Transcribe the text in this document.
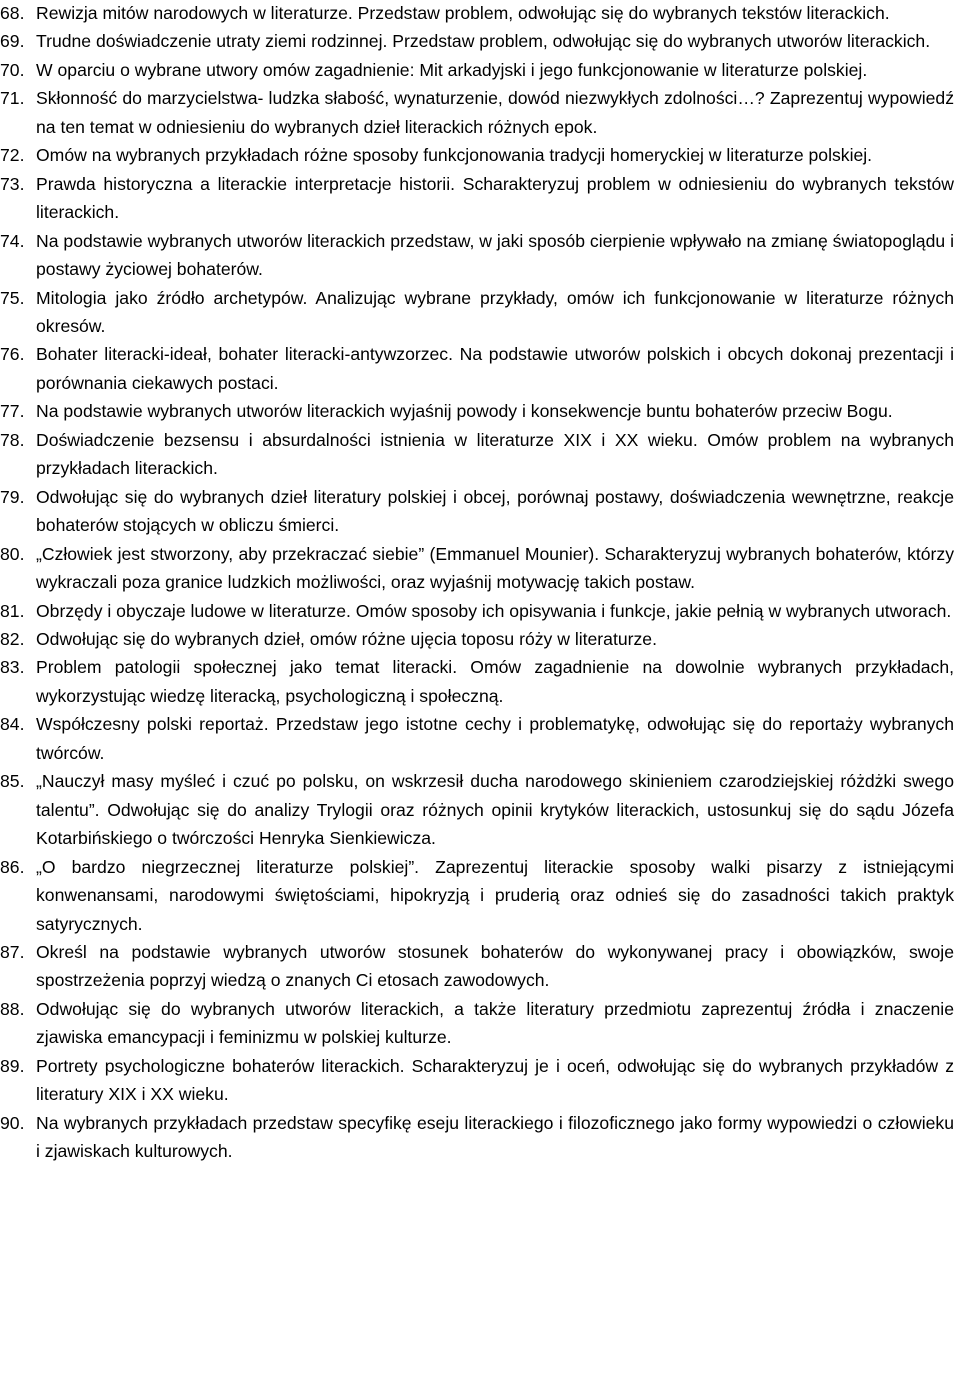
68. Rewizja mitów narodowych w literaturze. Przedstaw problem, odwołując się do wybranych tekstów literackich.
69. Trudne doświadczenie utraty ziemi rodzinnej. Przedstaw problem, odwołując się do wybranych utworów literackich.
70. W oparciu o wybrane utwory omów zagadnienie: Mit arkadyjski i jego funkcjonowanie w literaturze polskiej.
71. Skłonność do marzycielstwa- ludzka słabość, wynaturzenie, dowód niezwykłych zdolności…? Zaprezentuj wypowiedź na ten temat w odniesieniu do wybranych dzieł literackich różnych epok.
72. Omów na wybranych przykładach różne sposoby funkcjonowania tradycji homeryckiej w literaturze polskiej.
73. Prawda historyczna a literackie interpretacje historii. Scharakteryzuj problem w odniesieniu do wybranych tekstów literackich.
74. Na podstawie wybranych utworów literackich przedstaw, w jaki sposób cierpienie wpływało na zmianę światopoglądu i postawy życiowej bohaterów.
75. Mitologia jako źródło archetypów. Analizując wybrane przykłady, omów ich funkcjonowanie w literaturze różnych okresów.
76. Bohater literacki-ideał, bohater literacki-antywzorzec. Na podstawie utworów polskich i obcych dokonaj prezentacji i porównania ciekawych postaci.
77. Na podstawie wybranych utworów literackich wyjaśnij powody i konsekwencje buntu bohaterów przeciw Bogu.
78. Doświadczenie bezsensu i absurdalności istnienia w literaturze XIX i XX wieku. Omów problem na wybranych przykładach literackich.
79. Odwołując się do wybranych dzieł literatury polskiej i obcej, porównaj postawy, doświadczenia wewnętrzne, reakcje bohaterów stojących w obliczu śmierci.
80. „Człowiek jest stworzony, aby przekraczać siebie” (Emmanuel Mounier). Scharakteryzuj wybranych bohaterów, którzy wykraczali poza granice ludzkich możliwości, oraz wyjaśnij motywację takich postaw.
81. Obrzędy i obyczaje ludowe w literaturze. Omów sposoby ich opisywania i funkcje, jakie pełnią w wybranych utworach.
82. Odwołując się do wybranych dzieł, omów różne ujęcia toposu róży w literaturze.
83. Problem patologii społecznej jako temat literacki. Omów zagadnienie na dowolnie wybranych przykładach, wykorzystując wiedzę literacką, psychologiczną i społeczną.
84. Współczesny polski reportaż. Przedstaw jego istotne cechy i problematykę, odwołując się do reportaży wybranych twórców.
85. „Nauczył masy myśleć i czuć po polsku, on wskrzesił ducha narodowego skinieniem czarodziejskiej różdżki swego talentu”. Odwołując się do analizy Trylogii oraz różnych opinii krytyków literackich, ustosunkuj się do sądu Józefa Kotarbińskiego o twórczości Henryka Sienkiewicza.
86. „O bardzo niegrzecznej literaturze polskiej”. Zaprezentuj literackie sposoby walki pisarzy z istniejącymi konwenansami, narodowymi świętościami, hipokryzją i pruderią oraz odnieś się do zasadności takich praktyk satyrycznych.
87. Określ na podstawie wybranych utworów stosunek bohaterów do wykonywanej pracy i obowiązków, swoje spostrzeżenia poprzyj wiedzą o znanych Ci etosach zawodowych.
88. Odwołując się do wybranych utworów literackich, a także literatury przedmiotu zaprezentuj źródła i znaczenie zjawiska emancypacji i feminizmu w polskiej kulturze.
89. Portrety psychologiczne bohaterów literackich. Scharakteryzuj je i oceń, odwołując się do wybranych przykładów z literatury XIX i XX wieku.
90. Na wybranych przykładach przedstaw specyfikę eseju literackiego i filozoficznego jako formy wypowiedzi o człowieku i zjawiskach kulturowych.
